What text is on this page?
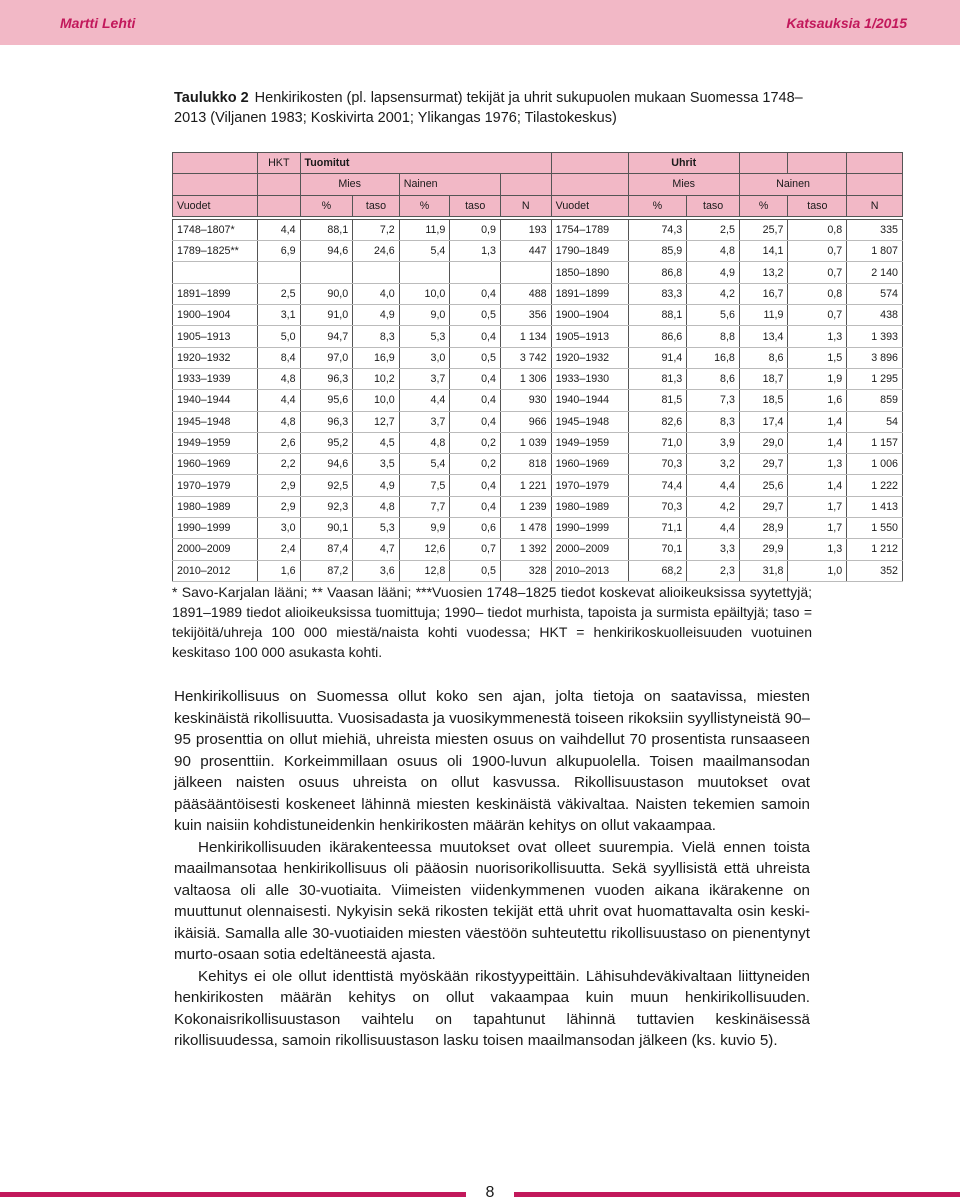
Martti Lehti	Katsauksia 1/2015
Taulukko 2 Henkirikosten (pl. lapsensurmat) tekijät ja uhrit sukupuolen mukaan Suomessa 1748–2013 (Viljanen 1983; Koskivirta 2001; Ylikangas 1976; Tilastokeskus)
	HKT	Tuomitut						Uhrit				
		Mies		Nainen				Mies		Nainen		
Vuodet		%	taso	%	taso	N	Vuodet	%	taso	%	taso	N

1748–1807*	4,4	88,1	7,2	11,9	0,9	193	1754–1789	74,3	2,5	25,7	0,8	335
1789–1825**	6,9	94,6	24,6	5,4	1,3	447	1790–1849	85,9	4,8	14,1	0,7	1 807
							1850–1890	86,8	4,9	13,2	0,7	2 140
1891–1899	2,5	90,0	4,0	10,0	0,4	488	1891–1899	83,3	4,2	16,7	0,8	574
1900–1904	3,1	91,0	4,9	9,0	0,5	356	1900–1904	88,1	5,6	11,9	0,7	438
1905–1913	5,0	94,7	8,3	5,3	0,4	1 134	1905–1913	86,6	8,8	13,4	1,3	1 393
1920–1932	8,4	97,0	16,9	3,0	0,5	3 742	1920–1932	91,4	16,8	8,6	1,5	3 896
1933–1939	4,8	96,3	10,2	3,7	0,4	1 306	1933–1930	81,3	8,6	18,7	1,9	1 295
1940–1944	4,4	95,6	10,0	4,4	0,4	930	1940–1944	81,5	7,3	18,5	1,6	859
1945–1948	4,8	96,3	12,7	3,7	0,4	966	1945–1948	82,6	8,3	17,4	1,4	54
1949–1959	2,6	95,2	4,5	4,8	0,2	1 039	1949–1959	71,0	3,9	29,0	1,4	1 157
1960–1969	2,2	94,6	3,5	5,4	0,2	818	1960–1969	70,3	3,2	29,7	1,3	1 006
1970–1979	2,9	92,5	4,9	7,5	0,4	1 221	1970–1979	74,4	4,4	25,6	1,4	1 222
1980–1989	2,9	92,3	4,8	7,7	0,4	1 239	1980–1989	70,3	4,2	29,7	1,7	1 413
1990–1999	3,0	90,1	5,3	9,9	0,6	1 478	1990–1999	71,1	4,4	28,9	1,7	1 550
2000–2009	2,4	87,4	4,7	12,6	0,7	1 392	2000–2009	70,1	3,3	29,9	1,3	1 212
2010–2012	1,6	87,2	3,6	12,8	0,5	328	2010–2013	68,2	2,3	31,8	1,0	352
* Savo-Karjalan lääni; ** Vaasan lääni; ***Vuosien 1748–1825 tiedot koskevat alioikeuksissa syytettyjä; 1891–1989 tiedot alioikeuksissa tuomittuja; 1990– tiedot murhista, tapoista ja surmista epäiltyjä; taso = tekijöitä/uhreja 100 000 miestä/naista kohti vuodessa; HKT = henkirikoskuolleisuuden vuotuinen keskitaso 100 000 asukasta kohti.

Henkirikollisuus on Suomessa ollut koko sen ajan, jolta tietoja on saatavissa, miesten keskinäistä rikollisuutta. Vuosisadasta ja vuosikymmenestä toiseen rikoksiin syyllistyneistä 90–95 prosenttia on ollut miehiä, uhreista miesten osuus on vaihdellut 70 prosentista runsaaseen 90 prosenttiin. Korkeimmillaan osuus oli 1900-luvun alkupuolella. Toisen maailmansodan jälkeen naisten osuus uhreista on ollut kasvussa. Rikollisuustason muutokset ovat pääsääntöisesti koskeneet lähinnä miesten keskinäistä väkivaltaa. Naisten tekemien samoin kuin naisiin kohdistuneidenkin henkirikosten määrän kehitys on ollut vakaampaa.

Henkirikollisuuden ikärakenteessa muutokset ovat olleet suurempia. Vielä ennen toista maailmansotaa henkirikollisuus oli pääosin nuorisorikollisuutta. Sekä syyllisistä että uhreista valtaosa oli alle 30-vuotiaita. Viimeisten viidenkymmenen vuoden aikana ikärakenne on muuttunut olennaisesti. Nykyisin sekä rikosten tekijät että uhrit ovat huomattavalta osin keski-ikäisiä. Samalla alle 30-vuotiaiden miesten väestöön suhteutettu rikollisuustaso on pienentynyt murto-osaan sotia edeltäneestä ajasta.

Kehitys ei ole ollut identtistä myöskään rikostyypeittäin. Lähisuhdeväkivaltaan liittyneiden henkirikosten määrän kehitys on ollut vakaampaa kuin muun henkirikollisuuden. Kokonaisrikollisuustason vaihtelu on tapahtunut lähinnä tuttavien keskinäisessä rikollisuudessa, samoin rikollisuustason lasku toisen maailmansodan jälkeen (ks. kuvio 5).

8
